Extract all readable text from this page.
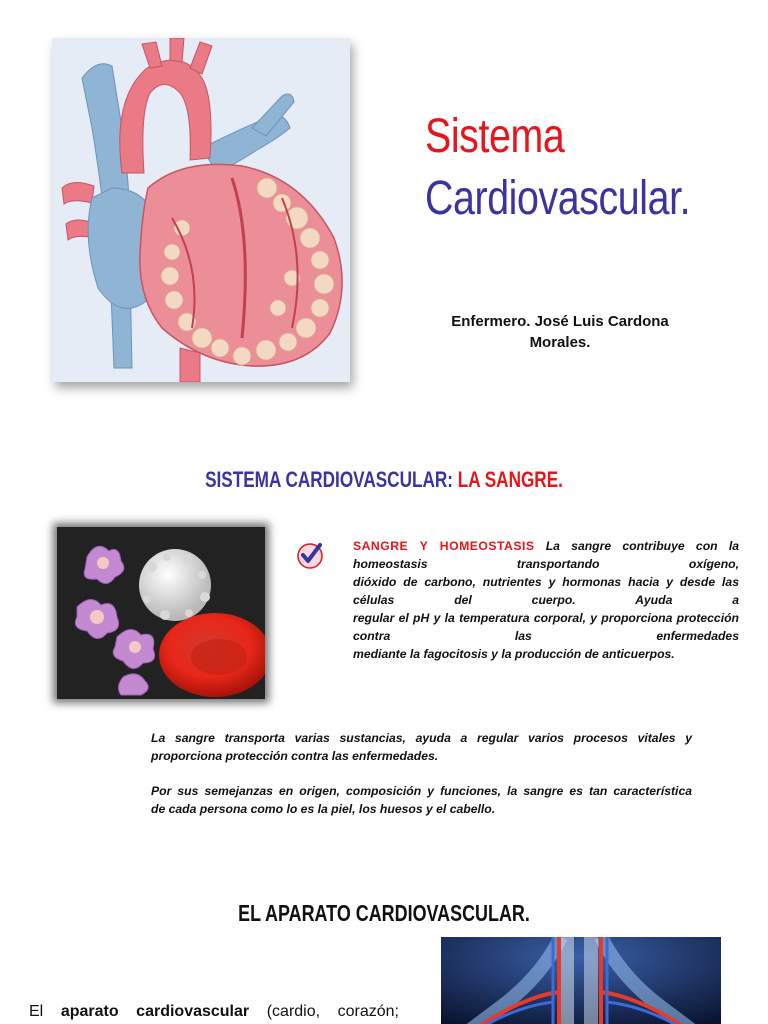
Sistema
Cardiovascular.
Enfermero. José Luis Cardona
Morales.
SISTEMA CARDIOVASCULAR: LA SANGRE.
SANGRE Y HOMEOSTASIS La sangre contribuye con la homeostasis transportando oxígeno,
dióxido de carbono, nutrientes y hormonas hacia y desde las células del cuerpo. Ayuda a
regular el pH y la temperatura corporal, y proporciona protección contra las enfermedades
mediante la fagocitosis y la producción de anticuerpos.
La sangre transporta varias sustancias, ayuda a regular varios procesos vitales y proporciona protección contra las enfermedades.
Por sus semejanzas en origen, composición y funciones, la sangre es tan característica
de cada persona como lo es la piel, los huesos y el cabello.
EL APARATO CARDIOVASCULAR.
El aparato cardiovascular (cardio, corazón;
